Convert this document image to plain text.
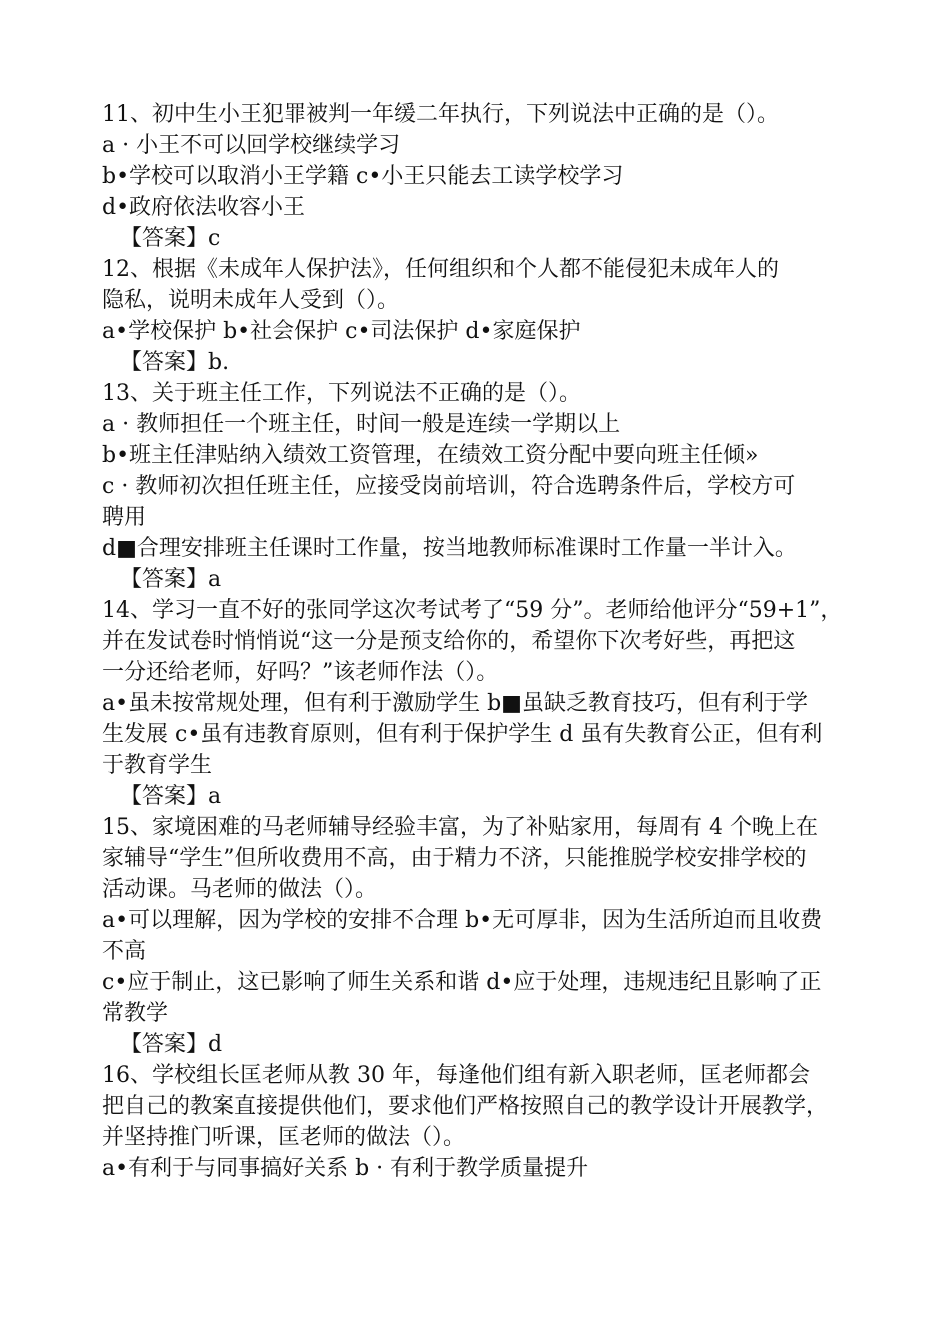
11、初中生小王犯罪被判一年缓二年执行，下列说法中正确的是（）。
a · 小王不可以回学校继续学习
b•学校可以取消小王学籍 c•小王只能去工读学校学习
d•政府依法收容小王
【答案】c
12、根据《未成年人保护法》，任何组织和个人都不能侵犯未成年人的
隐私，说明未成年人受到（）。
a•学校保护 b•社会保护 c•司法保护 d•家庭保护
【答案】b.
13、关于班主任工作，下列说法不正确的是（）。
a · 教师担任一个班主任，时间一般是连续一学期以上
b•班主任津贴纳入绩效工资管理，在绩效工资分配中要向班主任倾»
c · 教师初次担任班主任，应接受岗前培训，符合选聘条件后，学校方可
聘用
d■合理安排班主任课时工作量，按当地教师标准课时工作量一半计入。
【答案】a
14、学习一直不好的张同学这次考试考了“59 分”。老师给他评分“59+1”，
并在发试卷时悄悄说“这一分是预支给你的，希望你下次考好些，再把这
一分还给老师，好吗？”该老师作法（）。
a•虽未按常规处理，但有利于激励学生 b■虽缺乏教育技巧，但有利于学
生发展 c•虽有违教育原则，但有利于保护学生 d 虽有失教育公正，但有利
于教育学生
【答案】a
15、家境困难的马老师辅导经验丰富，为了补贴家用，每周有 4 个晚上在
家辅导“学生”但所收费用不高，由于精力不济，只能推脱学校安排学校的
活动课。马老师的做法（）。
a•可以理解，因为学校的安排不合理 b•无可厚非，因为生活所迫而且收费
不高
c•应于制止，这已影响了师生关系和谐 d•应于处理，违规违纪且影响了正
常教学
【答案】d
16、学校组长匡老师从教 30 年，每逢他们组有新入职老师，匡老师都会
把自己的教案直接提供他们，要求他们严格按照自己的教学设计开展教学，
并坚持推门听课，匡老师的做法（）。
a•有利于与同事搞好关系 b · 有利于教学质量提升
